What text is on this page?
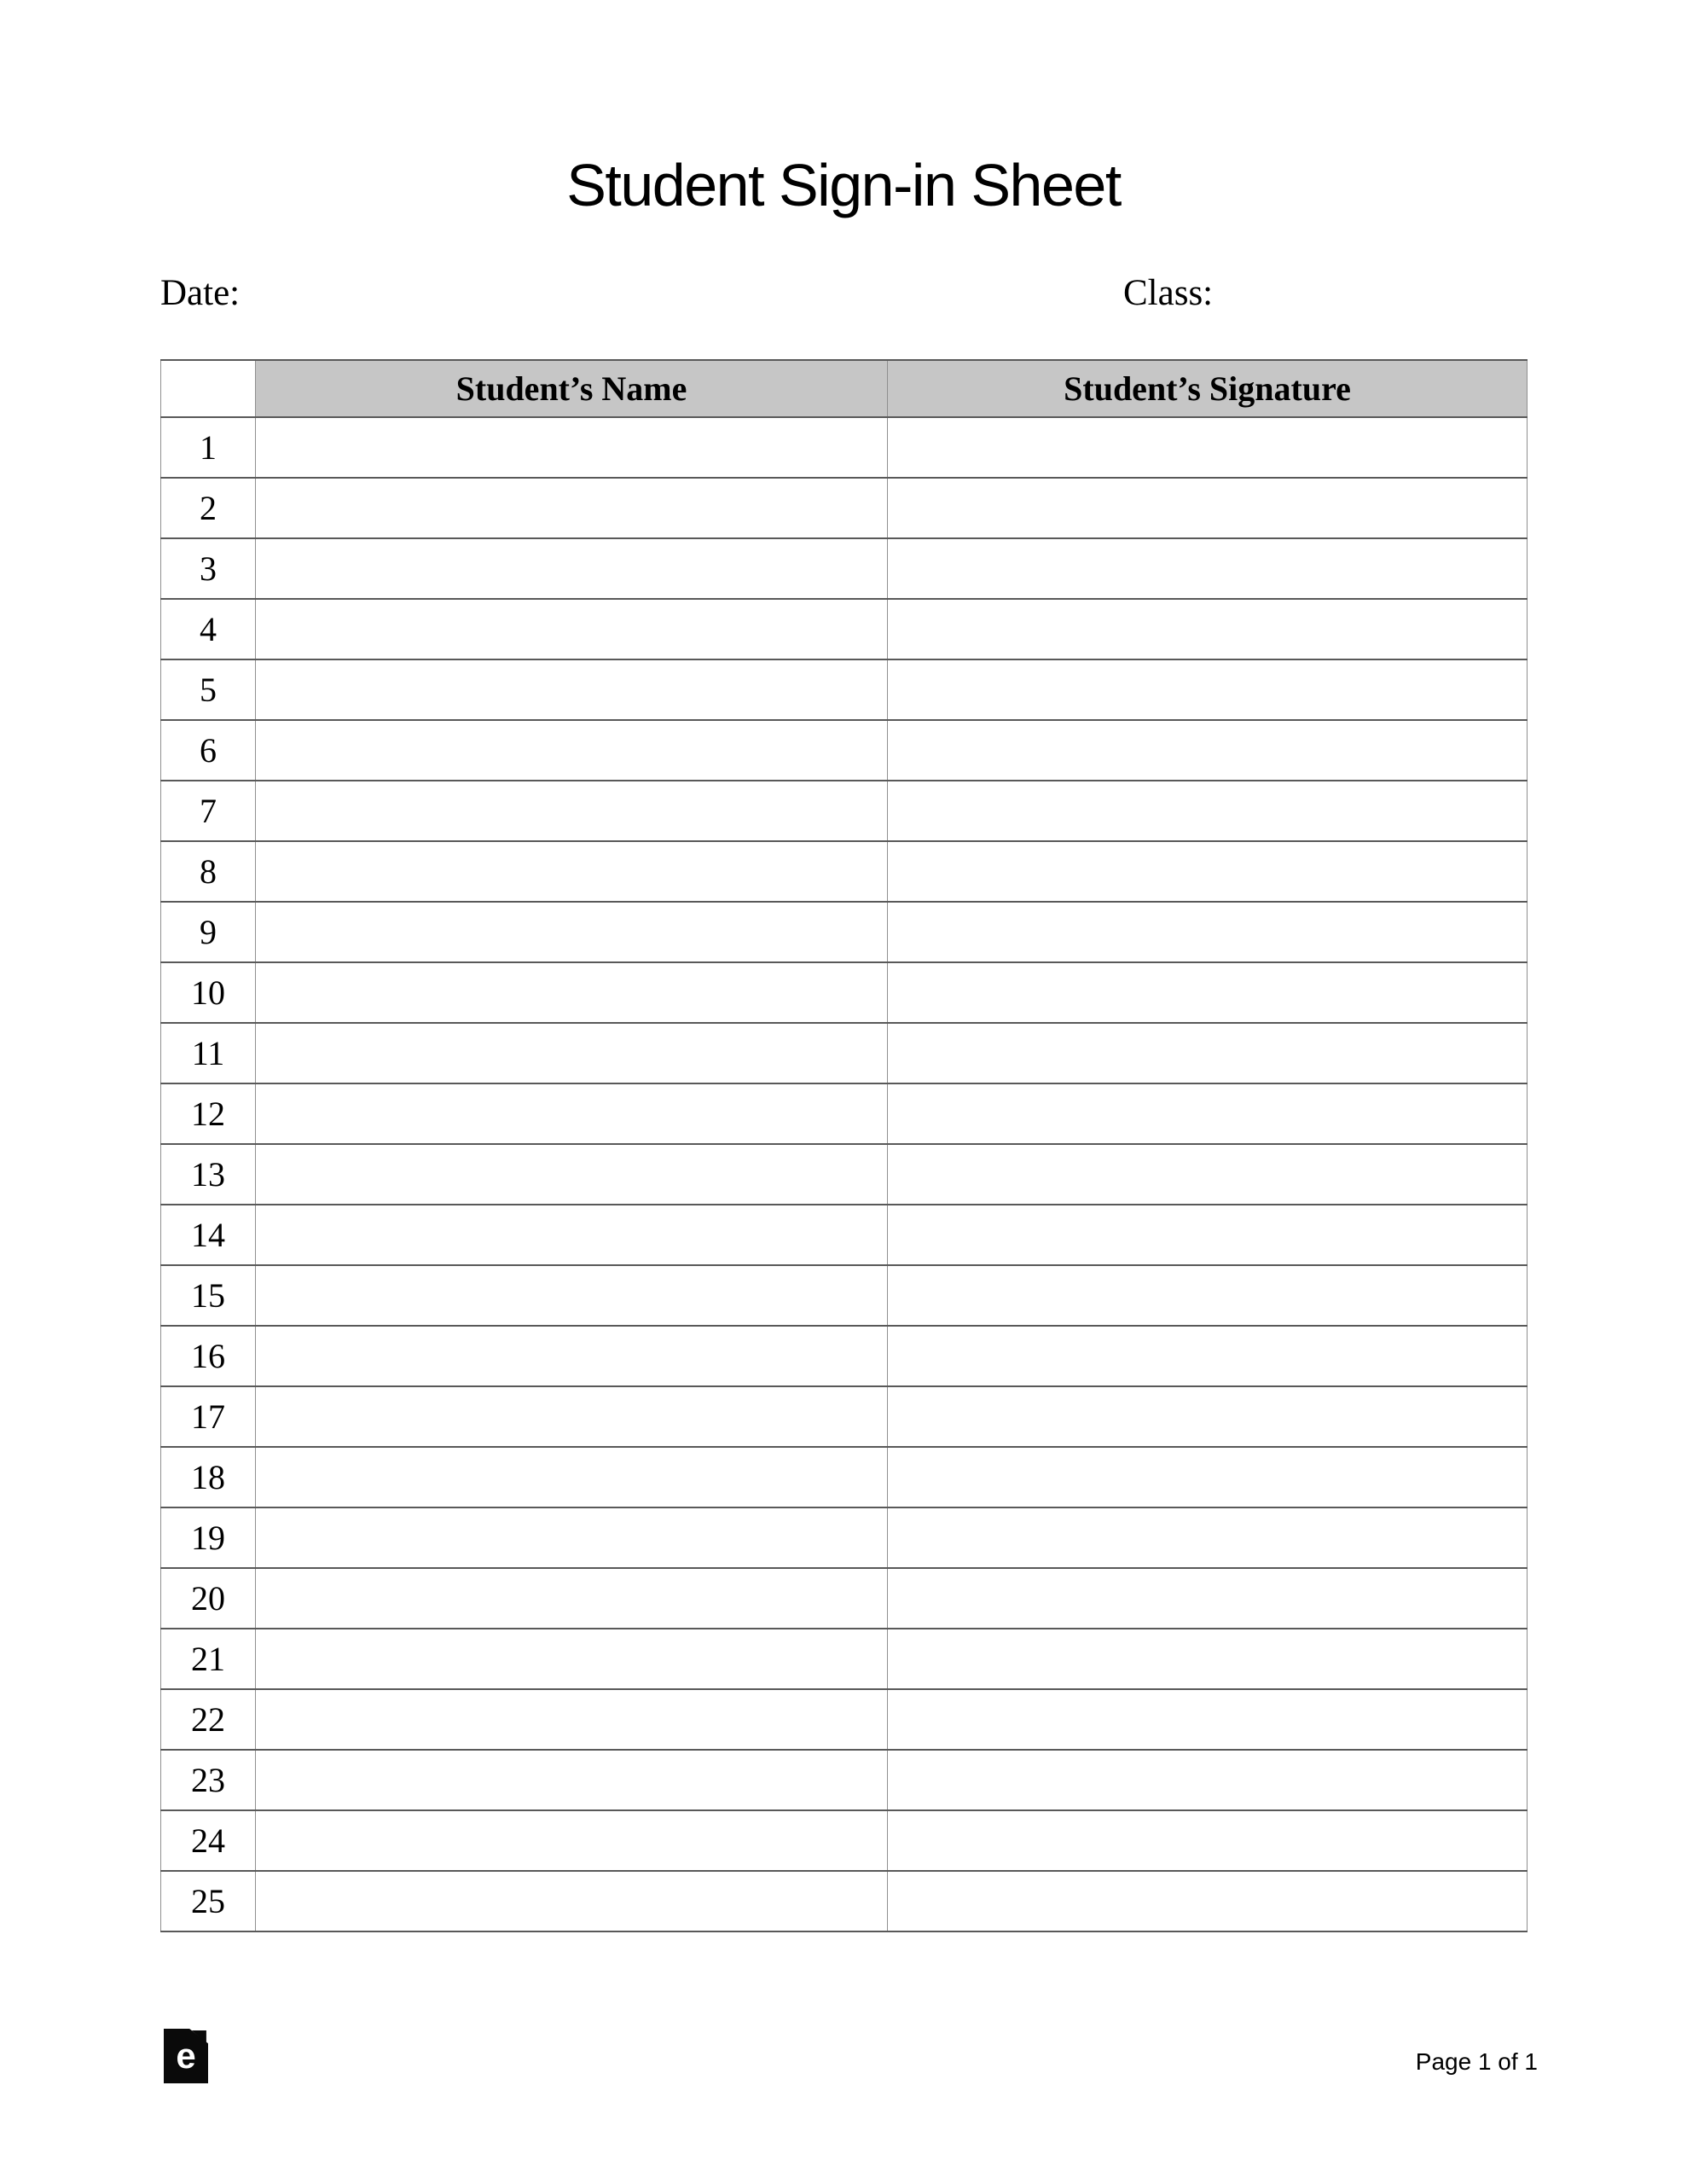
Student Sign-in Sheet
Date:	Class:
	Student’s Name	Student’s Signature
1		
2		
3		
4		
5		
6		
7		
8		
9		
10		
11		
12		
13		
14		
15		
16		
17		
18		
19		
20		
21		
22		
23		
24		
25		
e	Page 1 of 1
